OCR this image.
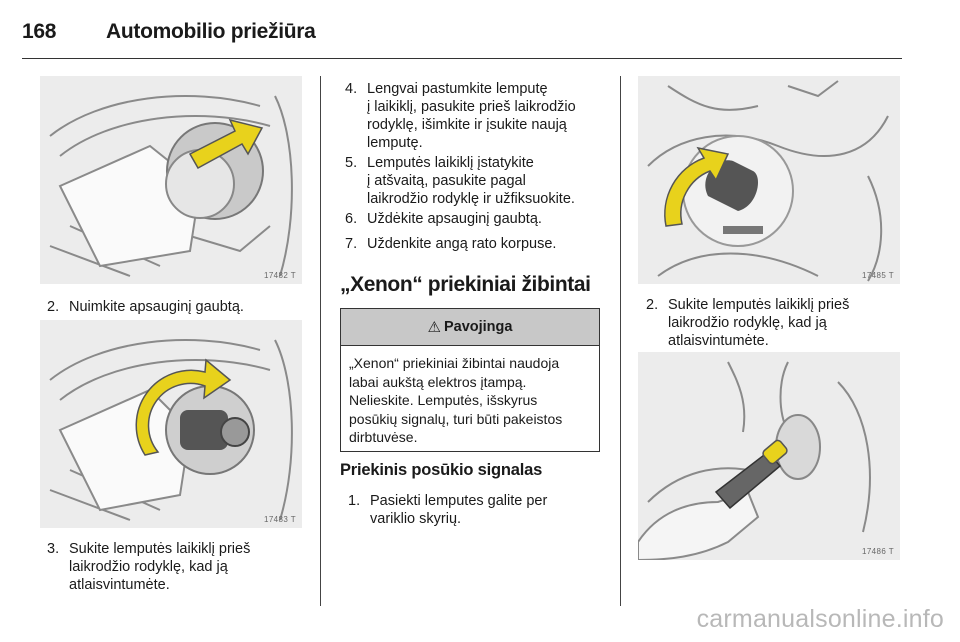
168	Automobilio priežiūra
17482 T
2. Nuimkite apsauginį gaubtą.
17483 T
3. Sukite lemputės laikiklį prieš
laikrodžio rodyklę, kad ją
atlaisvintumėte.
4. Lengvai pastumkite lemputę
į laikiklį, pasukite prieš laikrodžio
rodyklę, išimkite ir įsukite naują
lemputę.
5. Lemputės laikiklį įstatykite
į atšvaitą, pasukite pagal
laikrodžio rodyklę ir užfiksuokite.
6. Uždėkite apsauginį gaubtą.
7. Uždenkite angą rato korpuse.
„Xenon“ priekiniai žibintai
⚠ Pavojinga
„Xenon“ priekiniai žibintai naudoja
labai aukštą elektros įtampą.
Nelieskite. Lemputės, išskyrus
posūkių signalų, turi būti pakeistos
dirbtuvėse.
Priekinis posūkio signalas
1. Pasiekti lemputes galite per
variklio skyrių.
17485 T
2. Sukite lemputės laikiklį prieš
laikrodžio rodyklę, kad ją
atlaisvintumėte.
17486 T
carmanualsonline.info
